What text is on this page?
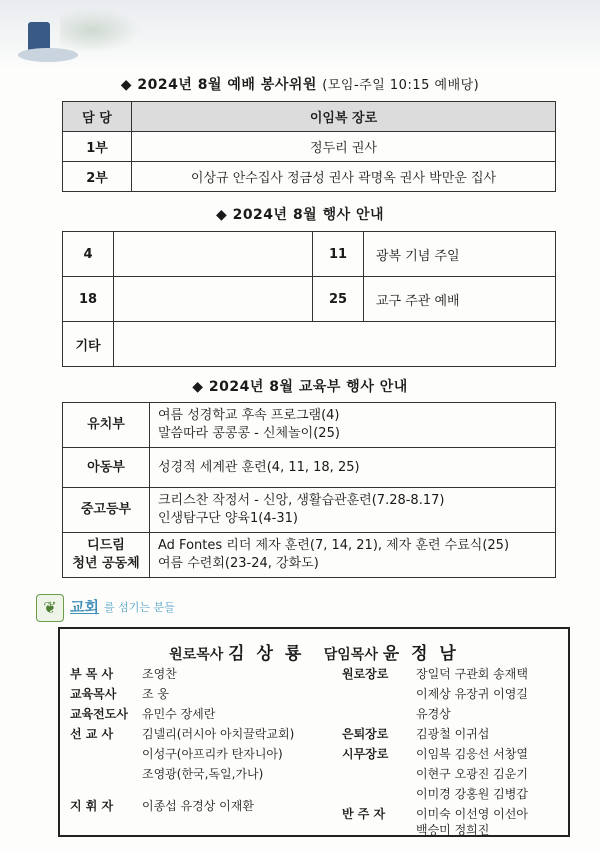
◆ 2024년 8월 예배 봉사위원 (모임-주일 10:15 예배당)
담 당	이임복 장로
1부	정두리 권사
2부	이상규 안수집사 정금성 권사 곽명옥 권사 박만운 집사
◆ 2024년 8월 행사 안내
4		11	광복 기념 주일
18		25	교구 주관 예배
기타			
◆ 2024년 8월 교육부 행사 안내
유치부	여름 성경학교 후속 프로그램(4)
말씀따라 콩콩콩 - 신체놀이(25)

아동부	성경적 세계관 훈련(4, 11, 18, 25)

중고등부	크리스찬 작정서 - 신앙, 생활습관훈련(7.28-8.17)
인생탐구단 양육1(4-31)

디드림
청년 공동체	Ad Fontes 리더 제자 훈련(7, 14, 21), 제자 훈련 수료식(25)
여름 수련회(23-24, 강화도)
❦ 교회 를 섬기는 분들
원로목사 김 상 룡 담임목사 윤 정 남
부 목 사 조영찬
교육목사 조 웅
교육전도사 유민수 장세란
선 교 사 김넬리(러시아 아치끌락교회)
이성구(아프리카 탄자니아)
조영광(한국,독일,가나)
지 휘 자 이종섭 유경상 이재환
원로장로 장일덕 구관회 송재택
이제상 유장귀 이영길
유경상
은퇴장로 김광철 이귀섭
시무장로 이임복 김응선 서창열
이현구 오광진 김운기
이미경 강홍원 김병갑
반 주 자	이미숙 이선영 이선아
백승미 정희진
